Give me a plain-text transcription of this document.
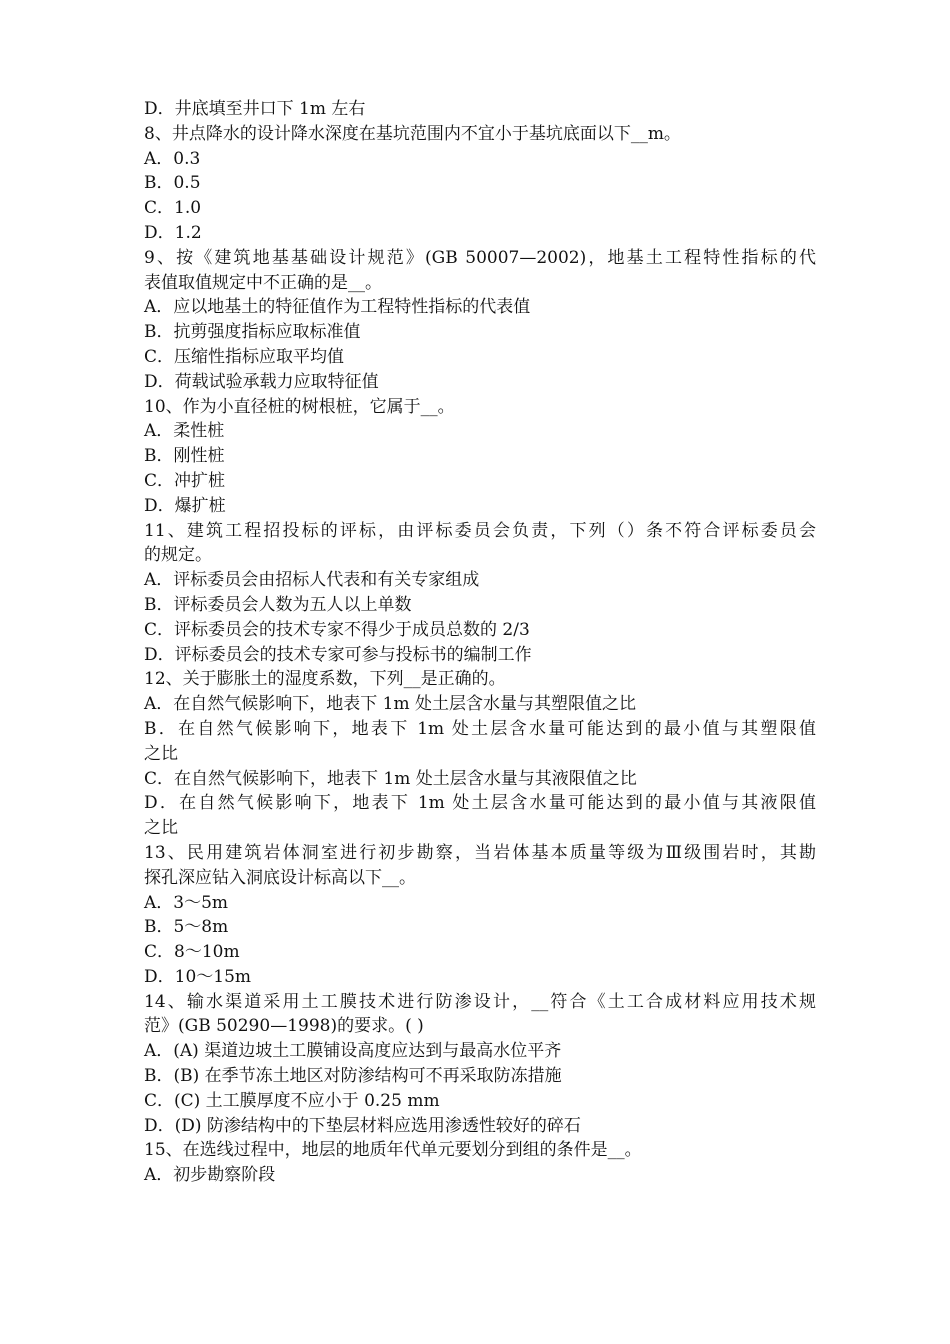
D．井底填至井口下 1m 左右
8、井点降水的设计降水深度在基坑范围内不宜小于基坑底面以下__m。
A．0.3
B．0.5
C．1.0
D．1.2
9、按《建筑地基基础设计规范》(GB 50007—2002)，地基土工程特性指标的代
表值取值规定中不正确的是__。
A．应以地基土的特征值作为工程特性指标的代表值
B．抗剪强度指标应取标准值
C．压缩性指标应取平均值
D．荷载试验承载力应取特征值
10、作为小直径桩的树根桩，它属于__。
A．柔性桩
B．刚性桩
C．冲扩桩
D．爆扩桩
11、建筑工程招投标的评标，由评标委员会负责，下列（）条不符合评标委员会
的规定。
A．评标委员会由招标人代表和有关专家组成
B．评标委员会人数为五人以上单数
C．评标委员会的技术专家不得少于成员总数的 2/3
D．评标委员会的技术专家可参与投标书的编制工作
12、关于膨胀土的湿度系数，下列__是正确的。
A．在自然气候影响下，地表下 1m 处土层含水量与其塑限值之比
B．在自然气候影响下，地表下 1m 处土层含水量可能达到的最小值与其塑限值
之比
C．在自然气候影响下，地表下 1m 处土层含水量与其液限值之比
D．在自然气候影响下，地表下 1m 处土层含水量可能达到的最小值与其液限值
之比
13、民用建筑岩体洞室进行初步勘察，当岩体基本质量等级为Ⅲ级围岩时，其勘
探孔深应钻入洞底设计标高以下__。
A．3～5m
B．5～8m
C．8～10m
D．10～15m
14、输水渠道采用土工膜技术进行防渗设计，__符合《土工合成材料应用技术规
范》(GB 50290—1998)的要求。( )
A．(A) 渠道边坡土工膜铺设高度应达到与最高水位平齐
B．(B) 在季节冻土地区对防渗结构可不再采取防冻措施
C．(C) 土工膜厚度不应小于 0.25 mm
D．(D) 防渗结构中的下垫层材料应选用渗透性较好的碎石
15、在选线过程中，地层的地质年代单元要划分到组的条件是__。
A．初步勘察阶段
